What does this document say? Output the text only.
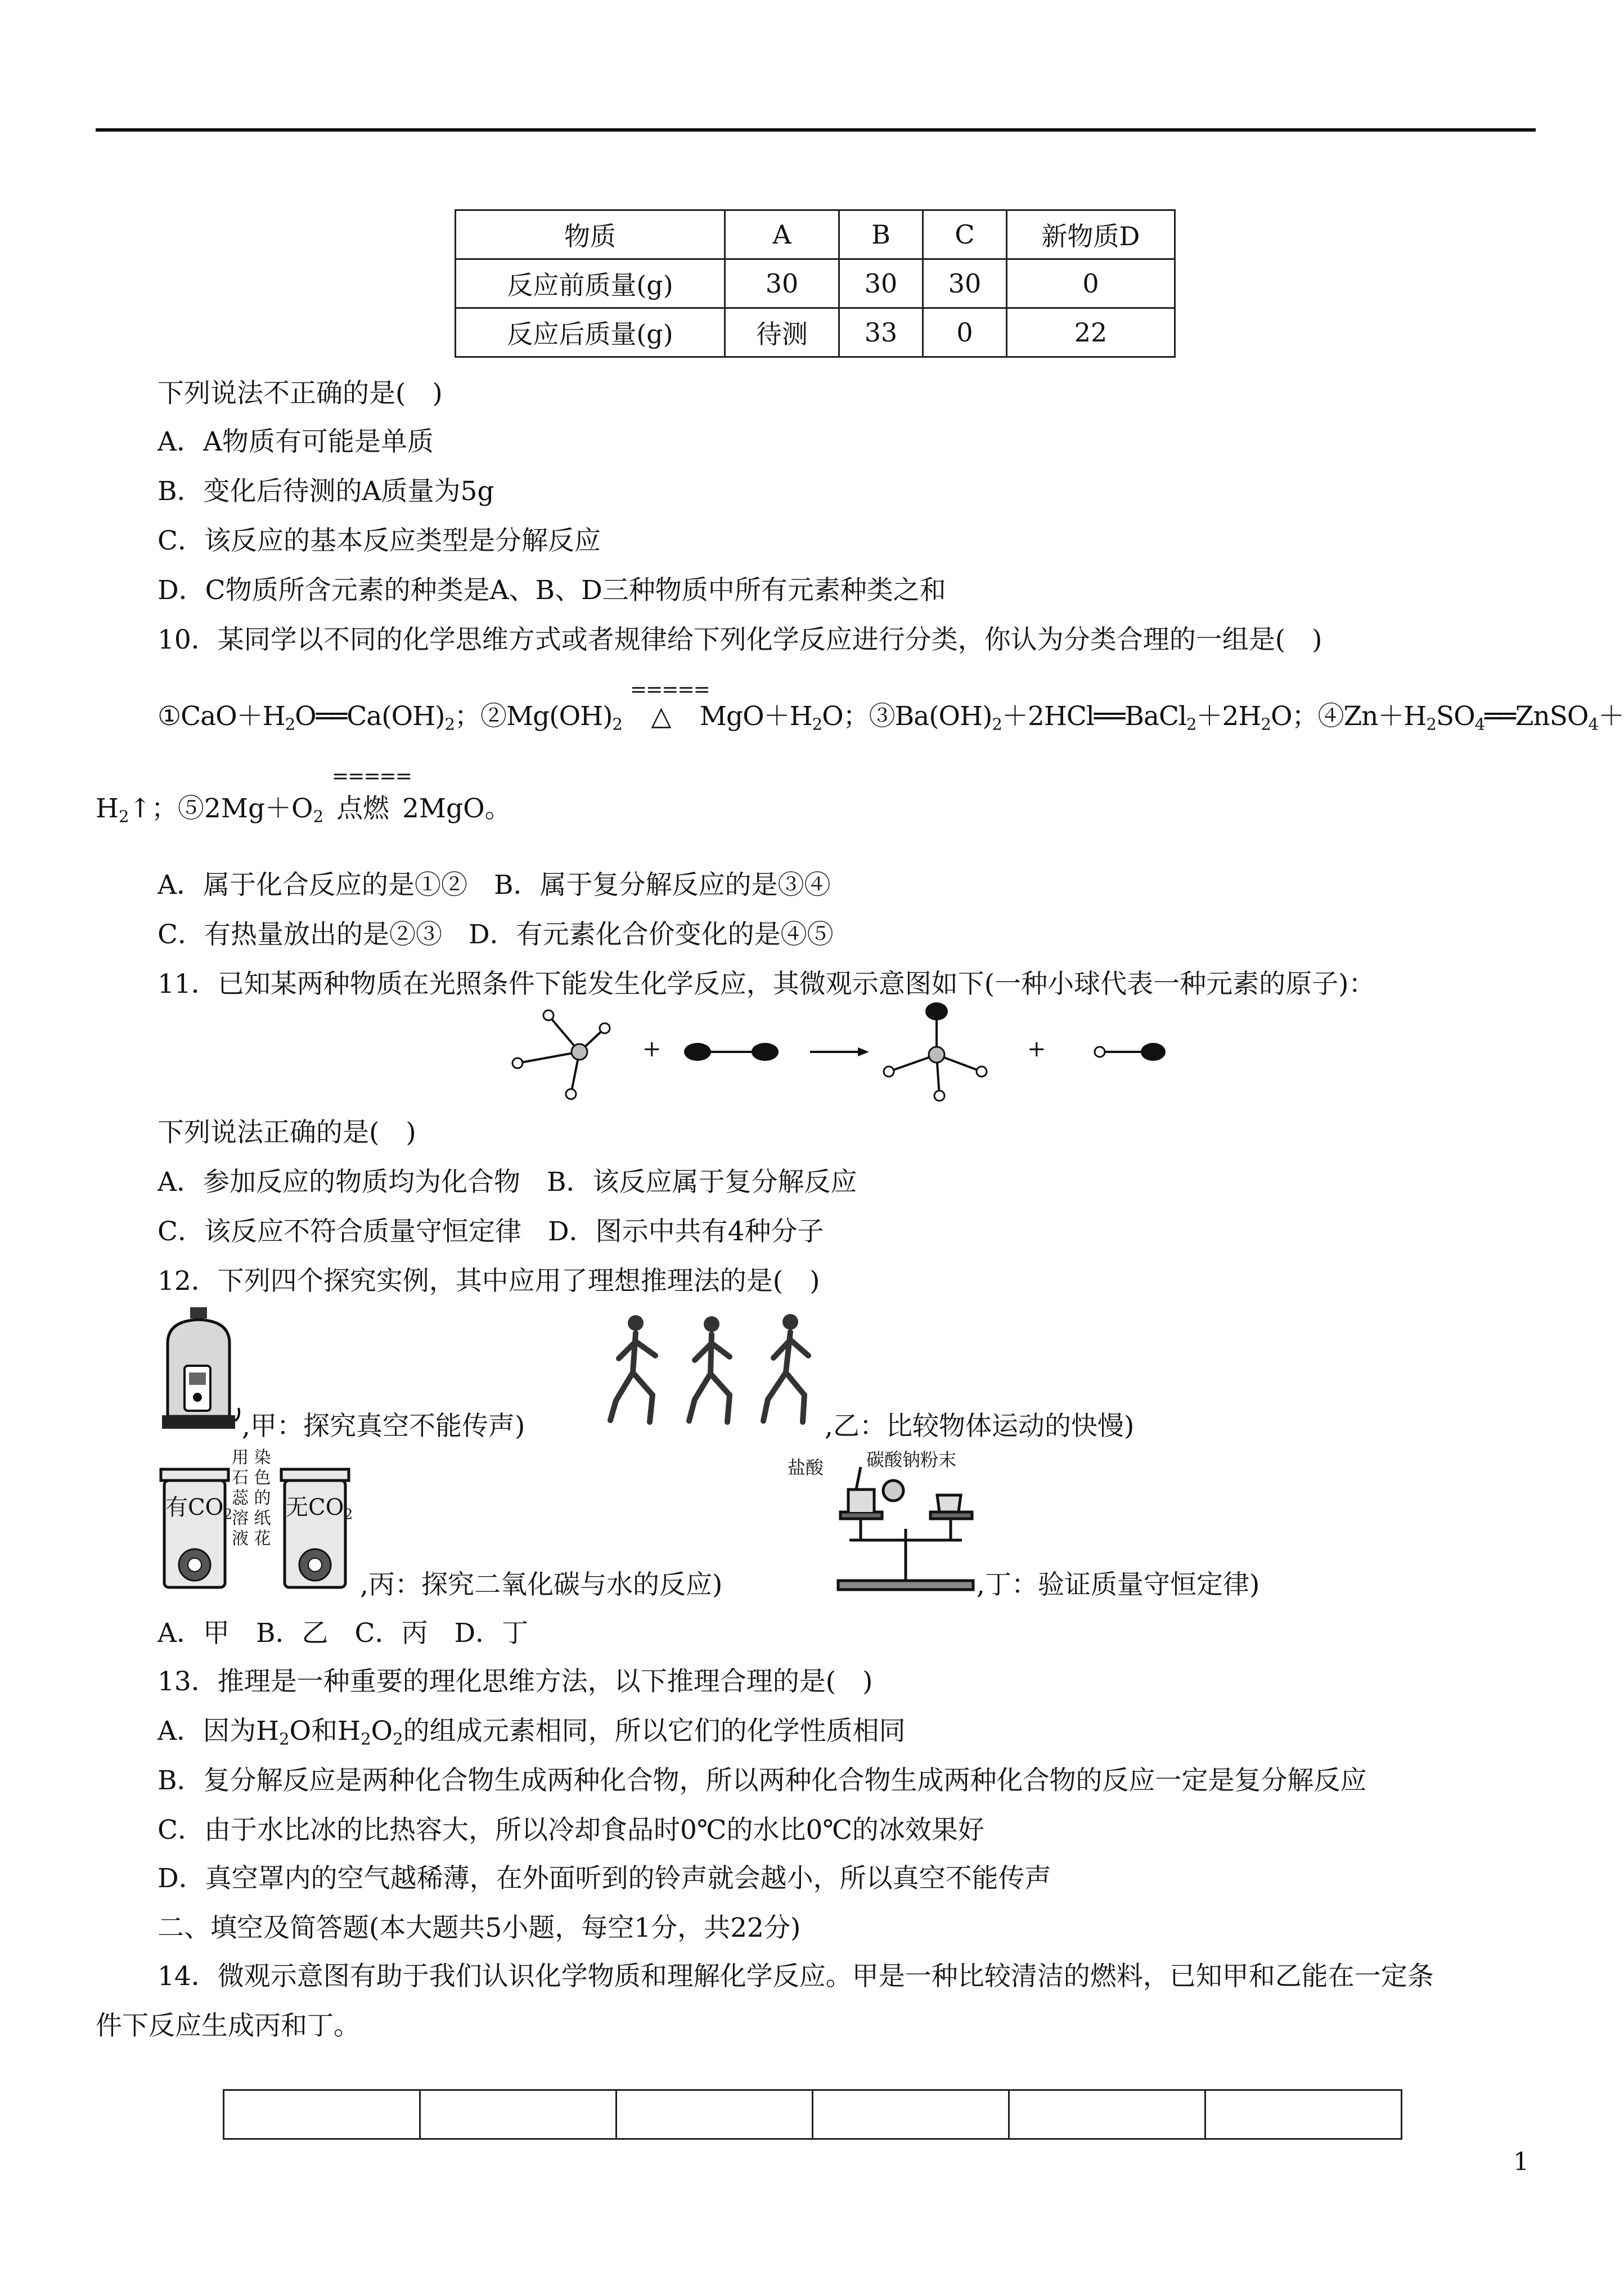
物质	A	B	C	新物质D
反应前质量(g)	30	30	30	0
反应后质量(g)	待测	33	0	22
下列说法不正确的是(　)
A．A物质有可能是单质
B．变化后待测的A质量为5g
C．该反应的基本反应类型是分解反应
D．C物质所含元素的种类是A、B、D三种物质中所有元素种类之和
10．某同学以不同的化学思维方式或者规律给下列化学反应进行分类，你认为分类合理的一组是(　)
$①CaO+H_2O══Ca(OH)_2$；$②Mg(OH)_2$
=====
△ $MgO+H_2O$；$③Ba(OH)_2+2HCl══BaCl_2+2H_2O$；$④Zn+H_2SO_4══ZnSO_4+$
$H_2↑$；$⑤2Mg+O_2$
=====
点燃 2MgO。
A．属于化合反应的是①②　B．属于复分解反应的是③④
C．有热量放出的是②③　D．有元素化合价变化的是④⑤
11．已知某两种物质在光照条件下能发生化学反应，其微观示意图如下(一种小球代表一种元素的原子)：
+	+
下列说法正确的是(　)
A．参加反应的物质均为化合物　B．该反应属于复分解反应
C．该反应不符合质量守恒定律　D．图示中共有4种分子
12．下列四个探究实例，其中应用了理想推理法的是(　)
,甲：探究真空不能传声)	,乙：比较物体运动的快慢)
有$CO_2$ 无$CO_2$
用 染
石 色
蕊 的
溶 纸
液 花
,丙：探究二氧化碳与水的反应)
盐酸 碳酸钠粉末
,丁：验证质量守恒定律)
A．甲　B．乙　C．丙　D．丁
13．推理是一种重要的理化思维方法，以下推理合理的是(　)
A．因为$H_2O$和$H_2O_2$的组成元素相同，所以它们的化学性质相同
B．复分解反应是两种化合物生成两种化合物，所以两种化合物生成两种化合物的反应一定是复分解反应
C．由于水比冰的比热容大，所以冷却食品时0℃的水比0℃的冰效果好
D．真空罩内的空气越稀薄，在外面听到的铃声就会越小，所以真空不能传声
二、填空及简答题(本大题共5小题，每空1分，共22分)
14．微观示意图有助于我们认识化学物质和理解化学反应。甲是一种比较清洁的燃料，已知甲和乙能在一定条
件下反应生成丙和丁。

1
